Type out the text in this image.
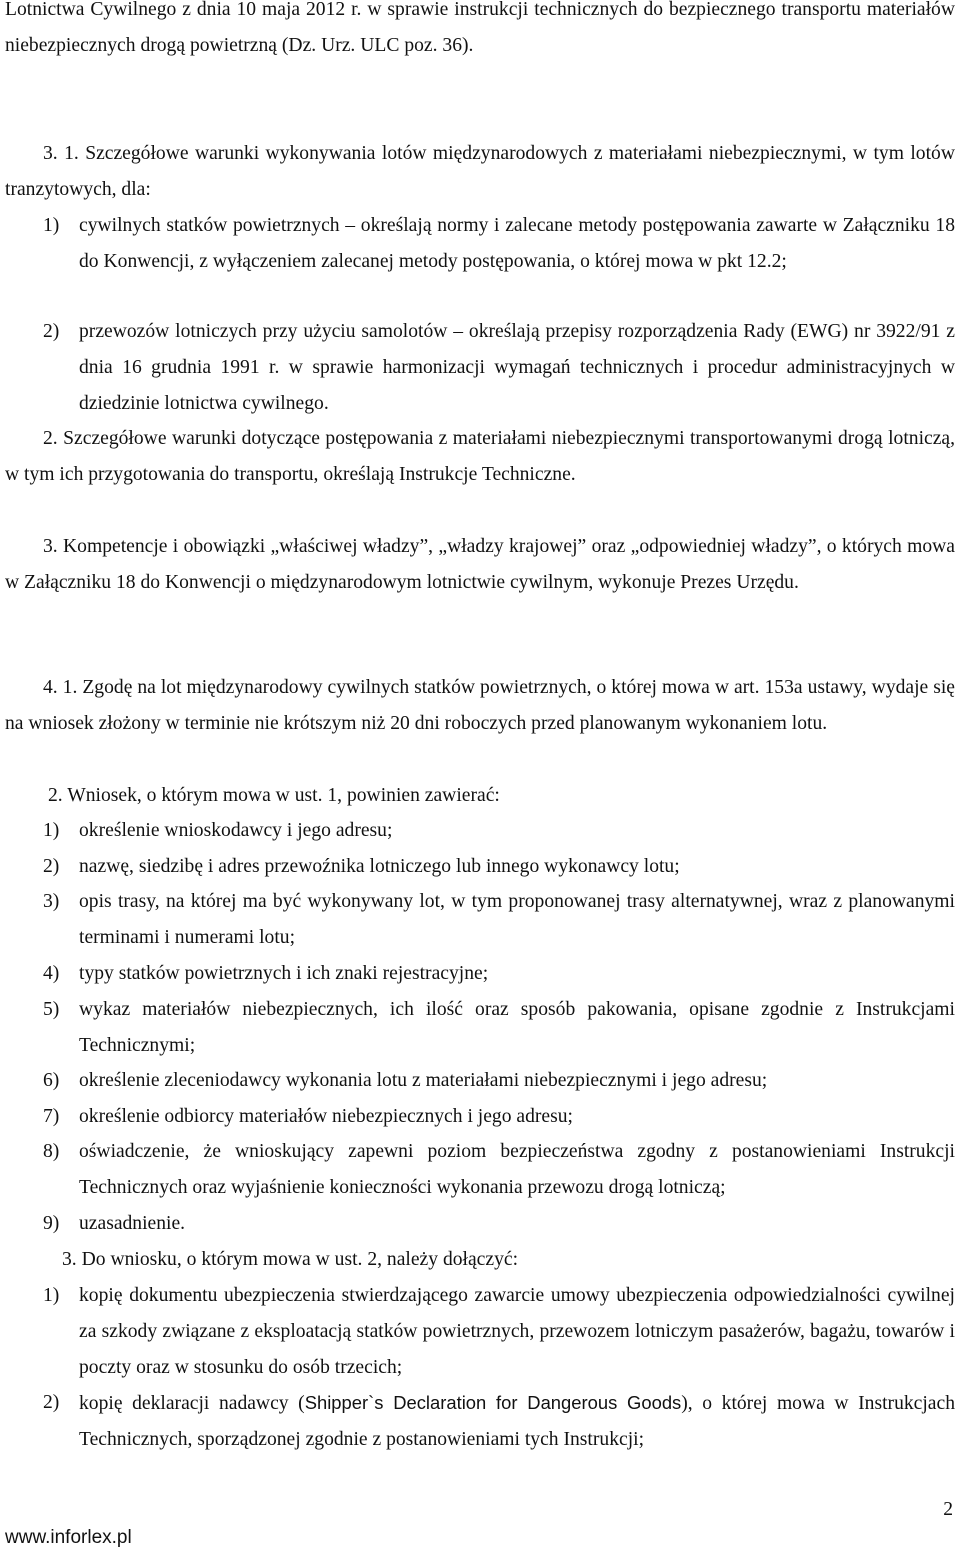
Lotnictwa Cywilnego z dnia 10 maja 2012 r. w sprawie instrukcji technicznych do bezpiecznego transportu materiałów niebezpiecznych drogą powietrzną (Dz. Urz. ULC poz. 36).
3. 1. Szczegółowe warunki wykonywania lotów międzynarodowych z materiałami niebezpiecznymi, w tym lotów tranzytowych, dla:
1) cywilnych statków powietrznych – określają normy i zalecane metody postępowania zawarte w Załączniku 18 do Konwencji, z wyłączeniem zalecanej metody postępowania, o której mowa w pkt 12.2;
2) przewozów lotniczych przy użyciu samolotów – określają przepisy rozporządzenia Rady (EWG) nr 3922/91 z dnia 16 grudnia 1991 r. w sprawie harmonizacji wymagań technicznych i procedur administracyjnych w dziedzinie lotnictwa cywilnego.
2. Szczegółowe warunki dotyczące postępowania z materiałami niebezpiecznymi transportowanymi drogą lotniczą, w tym ich przygotowania do transportu, określają Instrukcje Techniczne.
3. Kompetencje i obowiązki „właściwej władzy”, „władzy krajowej” oraz „odpowiedniej władzy”, o których mowa w Załączniku 18 do Konwencji o międzynarodowym lotnictwie cywilnym, wykonuje Prezes Urzędu.
4. 1. Zgodę na lot międzynarodowy cywilnych statków powietrznych, o której mowa w art. 153a ustawy, wydaje się na wniosek złożony w terminie nie krótszym niż 20 dni roboczych przed planowanym wykonaniem lotu.
2. Wniosek, o którym mowa w ust. 1, powinien zawierać:
1) określenie wnioskodawcy i jego adresu;
2) nazwę, siedzibę i adres przewoźnika lotniczego lub innego wykonawcy lotu;
3) opis trasy, na której ma być wykonywany lot, w tym proponowanej trasy alternatywnej, wraz z planowanymi terminami i numerami lotu;
4) typy statków powietrznych i ich znaki rejestracyjne;
5) wykaz materiałów niebezpiecznych, ich ilość oraz sposób pakowania, opisane zgodnie z Instrukcjami Technicznymi;
6) określenie zleceniodawcy wykonania lotu z materiałami niebezpiecznymi i jego adresu;
7) określenie odbiorcy materiałów niebezpiecznych i jego adresu;
8) oświadczenie, że wnioskujący zapewni poziom bezpieczeństwa zgodny z postanowieniami Instrukcji Technicznych oraz wyjaśnienie konieczności wykonania przewozu drogą lotniczą;
9) uzasadnienie.
3. Do wniosku, o którym mowa w ust. 2, należy dołączyć:
1) kopię dokumentu ubezpieczenia stwierdzającego zawarcie umowy ubezpieczenia odpowiedzialności cywilnej za szkody związane z eksploatacją statków powietrznych, przewozem lotniczym pasażerów, bagażu, towarów i poczty oraz w stosunku do osób trzecich;
2) kopię deklaracji nadawcy (Shipper`s Declaration for Dangerous Goods), o której mowa w Instrukcjach Technicznych, sporządzonej zgodnie z postanowieniami tych Instrukcji;
2
www.inforlex.pl
